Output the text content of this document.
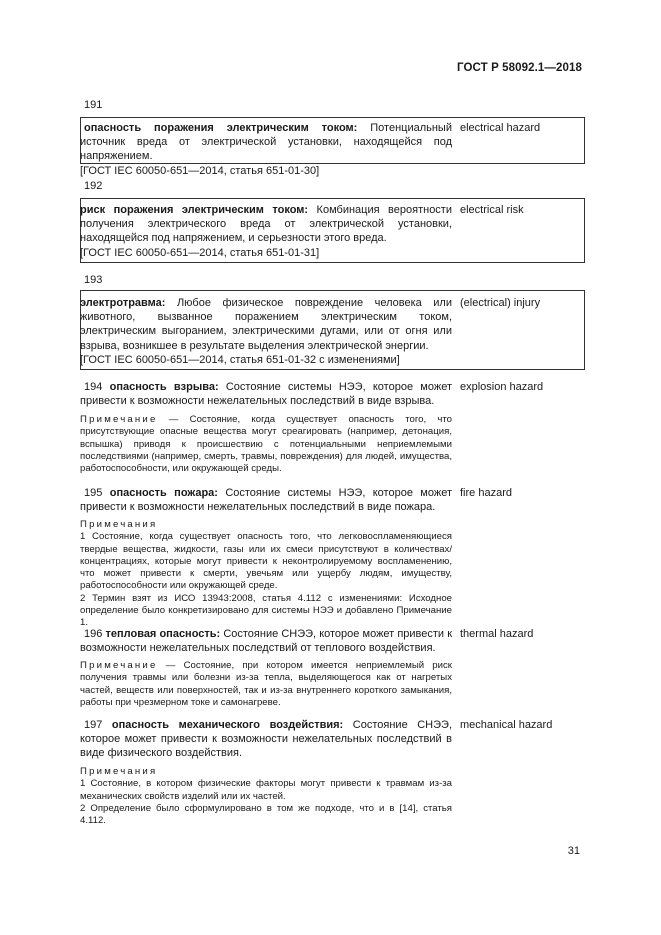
ГОСТ Р 58092.1—2018
191
опасность поражения электрическим током: Потенциальный источник вреда от электрической установки, находящейся под напряжением.
[ГОСТ IEC 60050-651—2014, статья 651-01-30]
electrical hazard
192
риск поражения электрическим током: Комбинация вероятности получения электрического вреда от электрической установки, находящейся под напряжением, и серьезности этого вреда.
[ГОСТ IEC 60050-651—2014, статья 651-01-31]
electrical risk
193
электротравма: Любое физическое повреждение человека или животного, вызванное поражением электрическим током, электрическим выгоранием, электрическими дугами, или от огня или взрыва, возникшее в результате выделения электрической энергии.
[ГОСТ IEC 60050-651—2014, статья 651-01-32 с изменениями]
(electrical) injury
194 опасность взрыва: Состояние системы НЭЭ, которое может привести к возможности нежелательных последствий в виде взрыва.
explosion hazard
Примечание — Состояние, когда существует опасность того, что присутствующие опасные вещества могут среагировать (например, детонация, вспышка) приводя к происшествию с потенциальными неприемлемыми последствиями (например, смерть, травмы, повреждения) для людей, имущества, работоспособности, или окружающей среды.
195 опасность пожара: Состояние системы НЭЭ, которое может привести к возможности нежелательных последствий в виде пожара.
fire hazard
Примечания
1 Состояние, когда существует опасность того, что легковоспламеняющиеся твердые вещества, жидкости, газы или их смеси присутствуют в количествах/концентрациях, которые могут привести к неконтролируемому воспламенению, что может привести к смерти, увечьям или ущербу людям, имуществу, работоспособности или окружающей среде.
2 Термин взят из ИСО 13943:2008, статья 4.112 с изменениями: Исходное определение было конкретизировано для системы НЭЭ и добавлено Примечание 1.
196 тепловая опасность: Состояние СНЭЭ, которое может привести к возможности нежелательных последствий от теплового воздействия.
thermal hazard
Примечание — Состояние, при котором имеется неприемлемый риск получения травмы или болезни из-за тепла, выделяющегося как от нагретых частей, веществ или поверхностей, так и из-за внутреннего короткого замыкания, работы при чрезмерном токе и самонагреве.
197 опасность механического воздействия: Состояние СНЭЭ, которое может привести к возможности нежелательных последствий в виде физического воздействия.
mechanical hazard
Примечания
1 Состояние, в котором физические факторы могут привести к травмам из-за механических свойств изделий или их частей.
2 Определение было сформулировано в том же подходе, что и в [14], статья 4.112.
31
